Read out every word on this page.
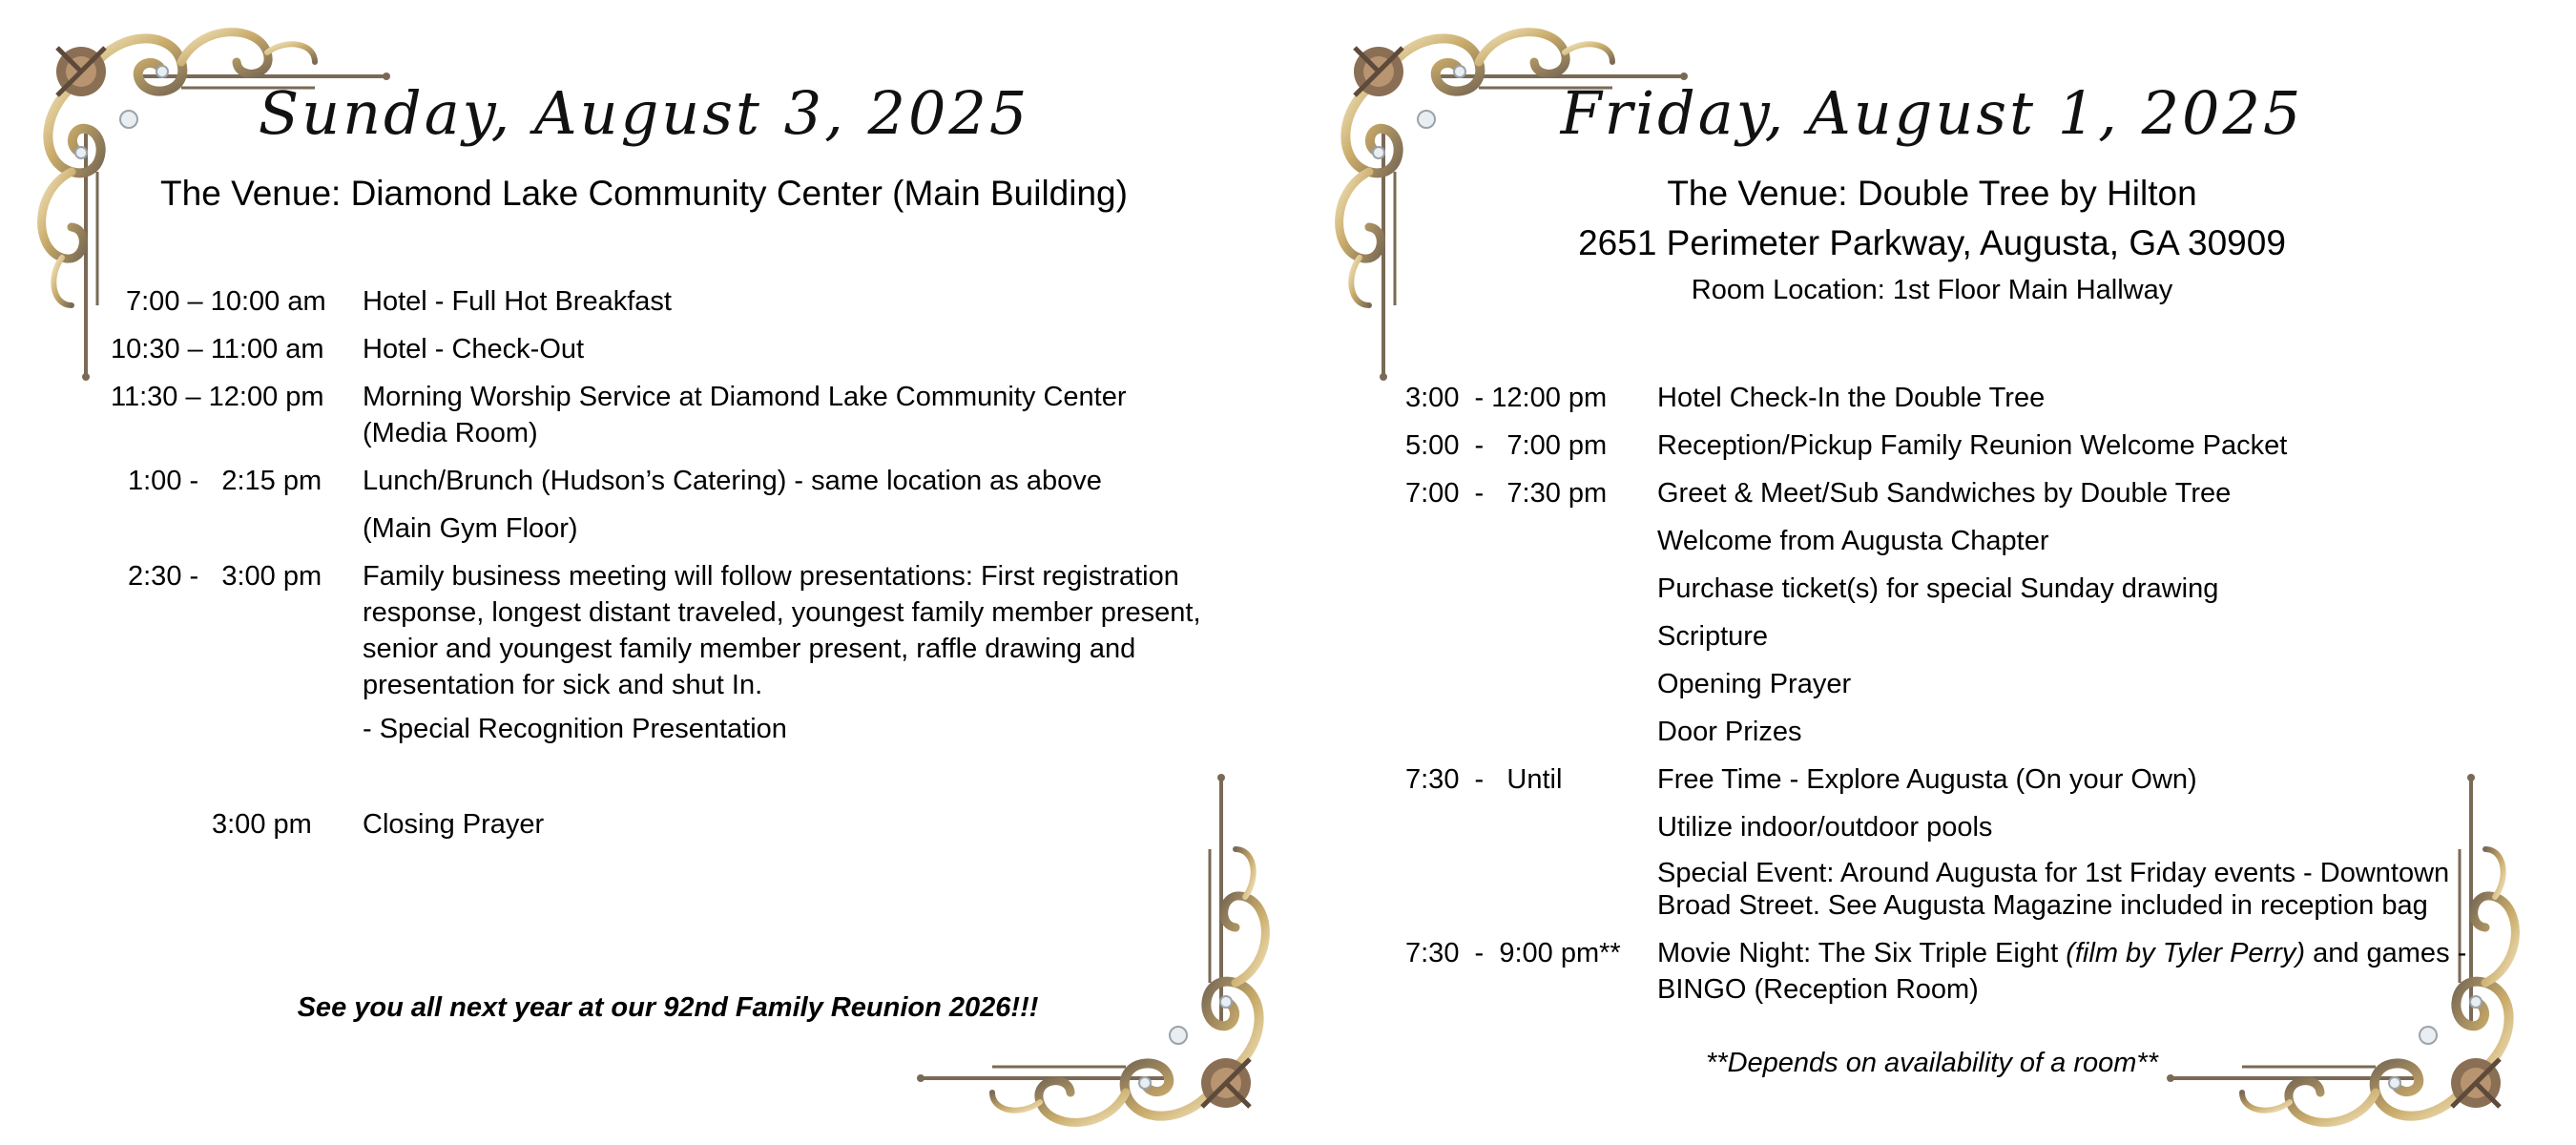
Sunday, August 3, 2025
The Venue: Diamond Lake Community Center (Main Building)
7:00 – 10:00 am Hotel - Full Hot Breakfast
10:30 – 11:00 am Hotel - Check-Out
11:30 – 12:00 pm Morning Worship Service at Diamond Lake Community Center (Media Room)
1:00 -   2:15 pm Lunch/Brunch (Hudson’s Catering) - same location as above
(Main Gym Floor)
2:30 -   3:00 pm Family business meeting will follow presentations: First registration response, longest distant traveled, youngest family member present, senior and youngest family member present, raffle drawing and presentation for sick and shut In.
- Special Recognition Presentation
3:00 pm Closing Prayer
See you all next year at our 92nd Family Reunion 2026!!!
Friday, August 1, 2025
The Venue: Double Tree by Hilton
2651 Perimeter Parkway, Augusta, GA 30909
Room Location: 1st Floor Main Hallway
3:00  - 12:00 pm Hotel Check-In the Double Tree
5:00  -   7:00 pm Reception/Pickup Family Reunion Welcome Packet
7:00  -   7:30 pm Greet & Meet/Sub Sandwiches by Double Tree
Welcome from Augusta Chapter
Purchase ticket(s) for special Sunday drawing
Scripture
Opening Prayer
Door Prizes
7:30  -   Until	Free Time - Explore Augusta (On your Own)
Utilize indoor/outdoor pools
Special Event: Around Augusta for 1st Friday events - Downtown Broad Street. See Augusta Magazine included in reception bag
7:30  -  9:00 pm** Movie Night: The Six Triple Eight (film by Tyler Perry) and games - BINGO (Reception Room)
**Depends on availability of a room**
